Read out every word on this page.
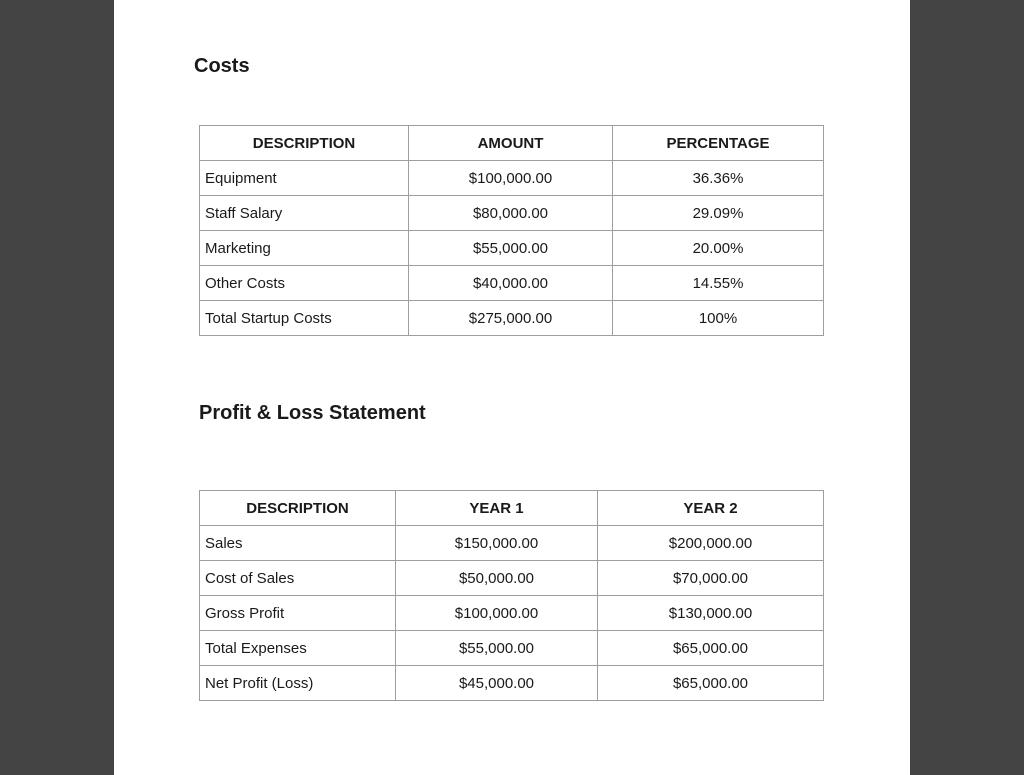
Costs
DESCRIPTION	AMOUNT	PERCENTAGE
Equipment	$100,000.00	36.36%
Staff Salary	$80,000.00	29.09%
Marketing	$55,000.00	20.00%
Other Costs	$40,000.00	14.55%
Total Startup Costs	$275,000.00	100%
Profit & Loss Statement
DESCRIPTION	YEAR 1	YEAR 2
Sales	$150,000.00	$200,000.00
Cost of Sales	$50,000.00	$70,000.00
Gross Profit	$100,000.00	$130,000.00
Total Expenses	$55,000.00	$65,000.00
Net Profit (Loss)	$45,000.00	$65,000.00
